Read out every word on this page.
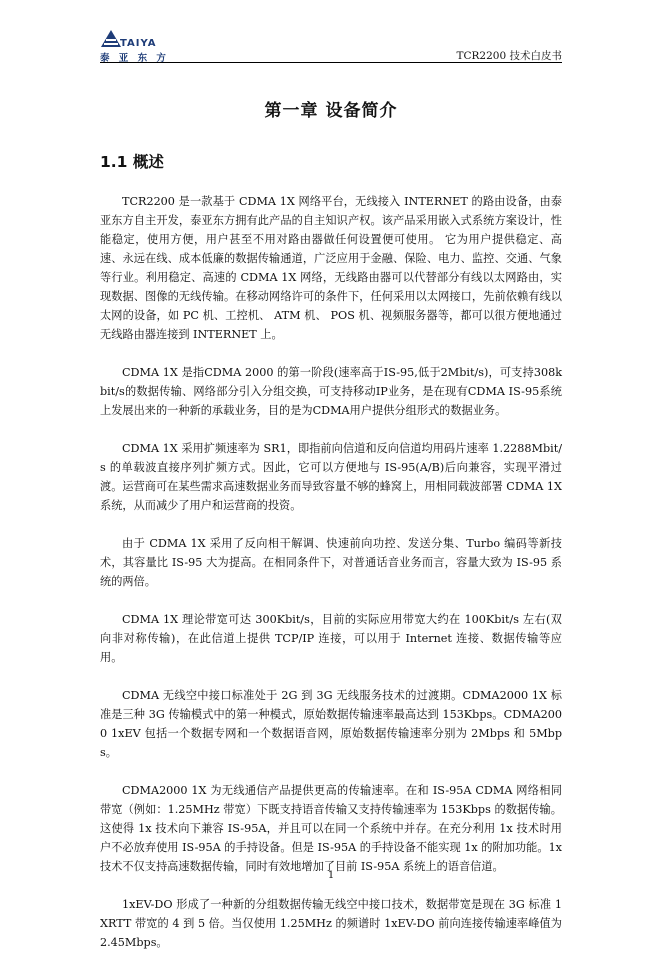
TAIYA
泰 亚 东 方	TCR2200 技术白皮书
第一章 设备简介
1.1 概述

TCR2200 是一款基于 CDMA 1X 网络平台，无线接入 INTERNET 的路由设备，由泰亚东方自主开发，泰亚东方拥有此产品的自主知识产权。该产品采用嵌入式系统方案设计，性能稳定，使用方便，用户甚至不用对路由器做任何设置便可使用。 它为用户提供稳定、高速、永远在线、成本低廉的数据传输通道，广泛应用于金融、保险、电力、监控、交通、气象等行业。利用稳定、高速的 CDMA 1X 网络，无线路由器可以代替部分有线以太网路由，实现数据、图像的无线传输。在移动网络许可的条件下，任何采用以太网接口，先前依赖有线以太网的设备，如 PC 机、工控机、 ATM 机、 POS 机、视频服务器等，都可以很方便地通过无线路由器连接到 INTERNET 上。

CDMA 1X 是指CDMA 2000 的第一阶段(速率高于IS-95,低于2Mbit/s)，可支持308kbit/s的数据传输、网络部分引入分组交换，可支持移动IP业务，是在现有CDMA IS-95系统上发展出来的一种新的承载业务，目的是为CDMA用户提供分组形式的数据业务。

CDMA 1X 采用扩频速率为 SR1，即指前向信道和反向信道均用码片速率 1.2288Mbit/s 的单载波直接序列扩频方式。因此，它可以方便地与 IS-95(A/B)后向兼容，实现平滑过渡。运营商可在某些需求高速数据业务而导致容量不够的蜂窝上，用相同载波部署 CDMA 1X 系统，从而减少了用户和运营商的投资。

由于 CDMA 1X 采用了反向相干解调、快速前向功控、发送分集、Turbo 编码等新技术，其容量比 IS-95 大为提高。在相同条件下，对普通话音业务而言，容量大致为 IS-95 系统的两倍。

CDMA 1X 理论带宽可达 300Kbit/s，目前的实际应用带宽大约在 100Kbit/s 左右(双向非对称传输)，在此信道上提供 TCP/IP 连接，可以用于 Internet 连接、数据传输等应用。

CDMA 无线空中接口标准处于 2G 到 3G 无线服务技术的过渡期。CDMA2000 1X 标准是三种 3G 传输模式中的第一种模式，原始数据传输速率最高达到 153Kbps。CDMA2000 1xEV 包括一个数据专网和一个数据语音网，原始数据传输速率分别为 2Mbps 和 5Mbps。

CDMA2000 1X 为无线通信产品提供更高的传输速率。在和 IS-95A CDMA 网络相同带宽（例如：1.25MHz 带宽）下既支持语音传输又支持传输速率为 153Kbps 的数据传输。这使得 1x 技术向下兼容 IS-95A，并且可以在同一个系统中并存。在充分利用 1x 技术时用户不必放弃使用 IS-95A 的手持设备。但是 IS-95A 的手持设备不能实现 1x 的附加功能。1x 技术不仅支持高速数据传输，同时有效地增加了目前 IS-95A 系统上的语音信道。

1xEV-DO 形成了一种新的分组数据传输无线空中接口技术，数据带宽是现在 3G 标准 1XRTT 带宽的 4 到 5 倍。当仅使用 1.25MHz 的频谱时 1xEV-DO 前向连接传输速率峰值为 2.45Mbps。

1
